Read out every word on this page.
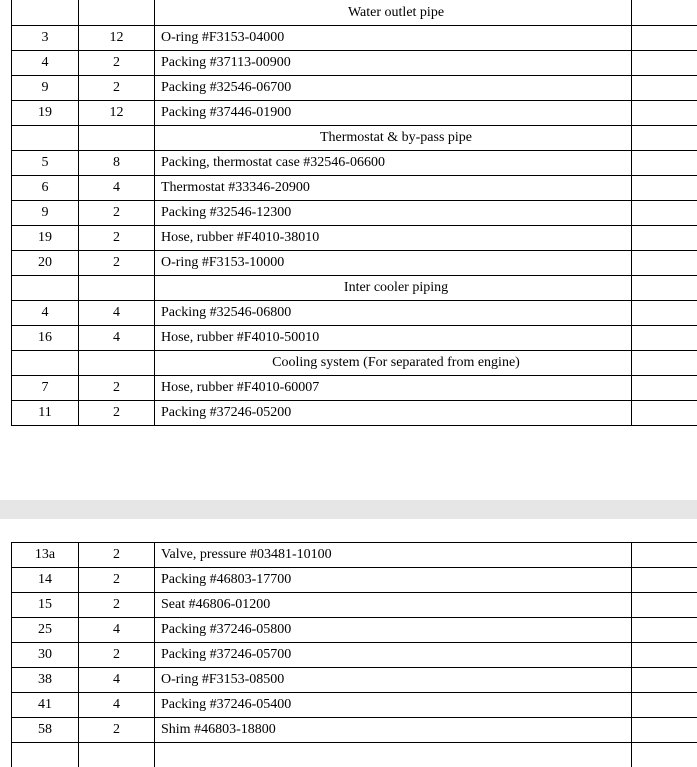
		Water outlet pipe	
3	12	O-ring #F3153-04000	
4	2	Packing #37113-00900	
9	2	Packing #32546-06700	
19	12	Packing #37446-01900	
		Thermostat & by-pass pipe	
5	8	Packing, thermostat case #32546-06600	
6	4	Thermostat #33346-20900	
9	2	Packing #32546-12300	
19	2	Hose, rubber #F4010-38010	
20	2	O-ring #F3153-10000	
		Inter cooler piping	
4	4	Packing #32546-06800	
16	4	Hose, rubber #F4010-50010	
		Cooling system (For separated from engine)	
7	2	Hose, rubber #F4010-60007	
11	2	Packing #37246-05200	
13a	2	Valve, pressure #03481-10100	
14	2	Packing #46803-17700	
15	2	Seat #46806-01200	
25	4	Packing #37246-05800	
30	2	Packing #37246-05700	
38	4	O-ring #F3153-08500	
41	4	Packing #37246-05400	
58	2	Shim #46803-18800	
